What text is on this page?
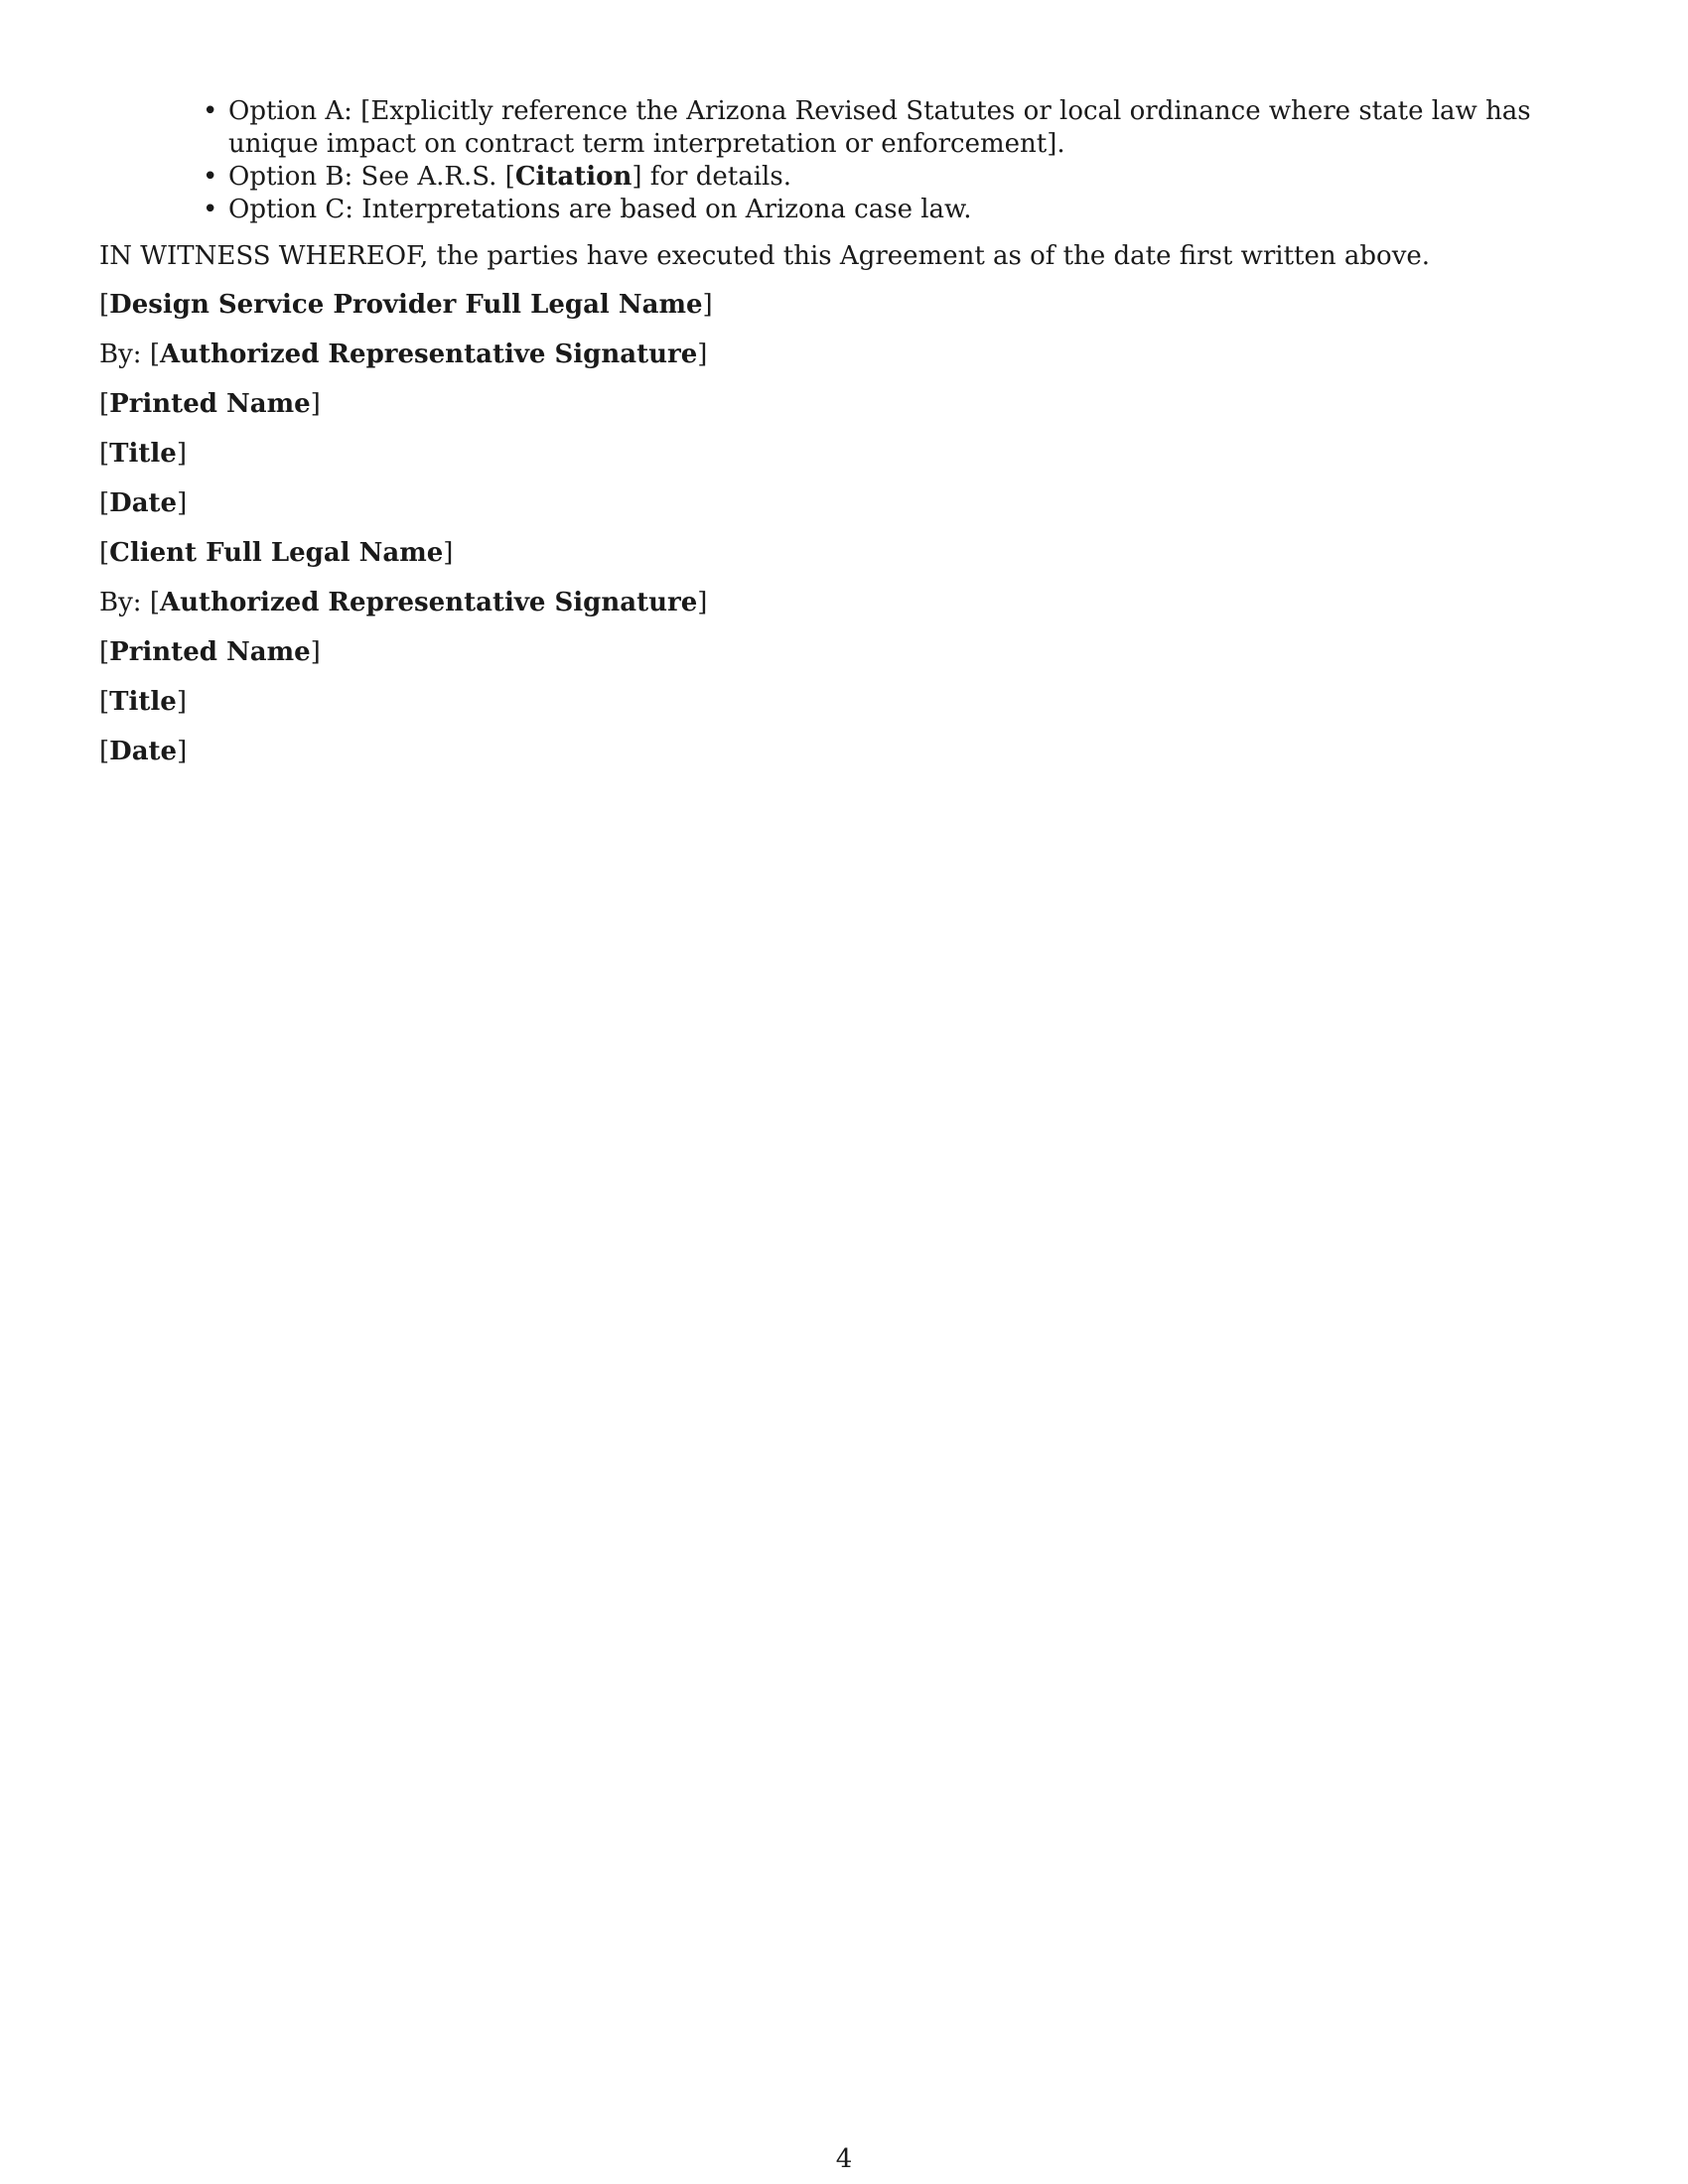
• Option A: [Explicitly reference the Arizona Revised Statutes or local ordinance where state law has unique impact on contract term interpretation or enforcement].
• Option B: See A.R.S. [Citation] for details.
• Option C: Interpretations are based on Arizona case law.

IN WITNESS WHEREOF, the parties have executed this Agreement as of the date first written above.

[Design Service Provider Full Legal Name]
By: [Authorized Representative Signature]
[Printed Name]
[Title]
[Date]
[Client Full Legal Name]
By: [Authorized Representative Signature]
[Printed Name]
[Title]
[Date]
4
